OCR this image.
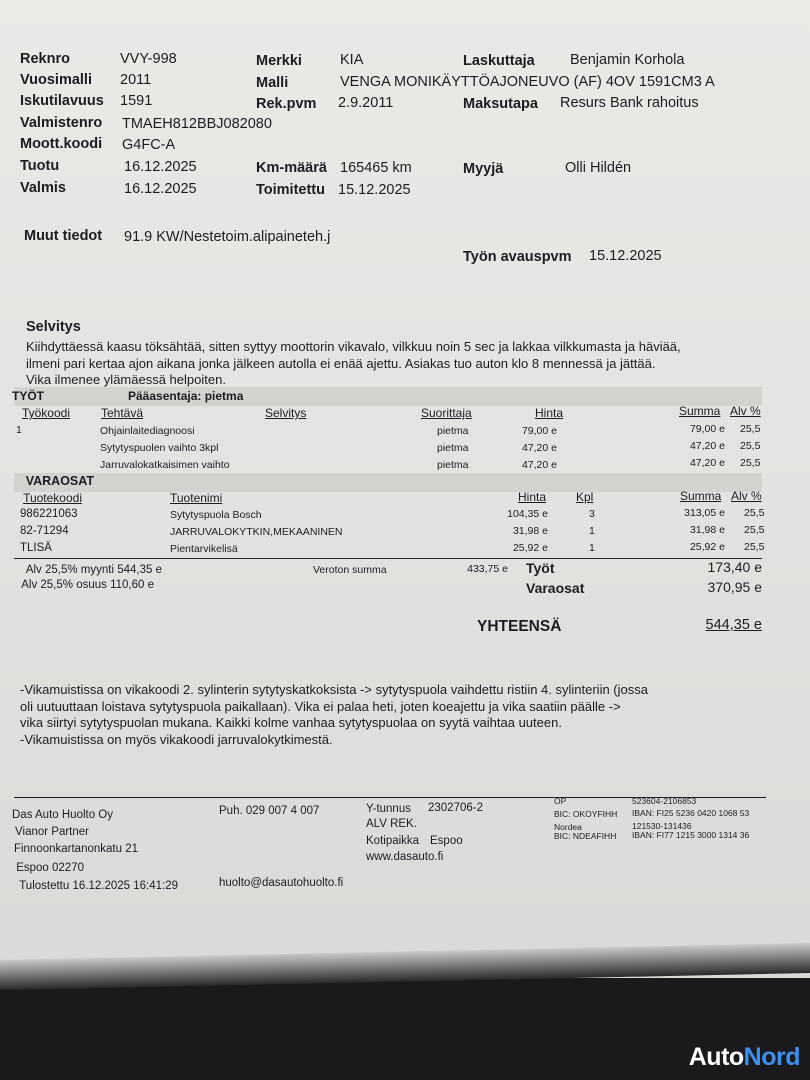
Reknro	VVY-998
Vuosimalli 2011
Iskutilavuus 1591
Valmistenro TMAEH812BBJ082080
Moott.koodi G4FC-A
Tuotu	16.12.2025
Valmis	16.12.2025
Merkki	KIA
Malli	VENGA MONIKÄYTTÖAJONEUVO (AF) 4OV 1591CM3 A
Rek.pvm 2.9.2011
Km-määrä 165465 km
Toimitettu 15.12.2025
Laskuttaja Benjamin Korhola
Maksutapa Resurs Bank rahoitus
Myyjä	Olli Hildén
Muut tiedot 91.9 KW/Nestetoim.alipaineteh.j
Työn avauspvm 15.12.2025
Selvitys
Kiihdyttäessä kaasu töksähtää, sitten syttyy moottorin vikavalo, vilkkuu noin 5 sec ja lakkaa vilkkumasta ja häviää,
ilmeni pari kertaa ajon aikana jonka jälkeen autolla ei enää ajettu. Asiakas tuo auton klo 8 mennessä ja jättää.
Vika ilmenee ylämäessä helpoiten.
TYÖT	Pääasentaja: pietma
Työkoodi	Tehtävä	Selvitys	Suorittaja	Hinta	Summa Alv %
1	Ohjainlaitediagnoosi	pietma	79,00 e	79,00 e 25,5
Sytytyspuolen vaihto 3kpl	pietma	47,20 e	47,20 e 25,5
Jarruvalokatkaisimen vaihto	pietma	47,20 e	47,20 e 25,5
VARAOSAT
Tuotekoodi	Tuotenimi	Hinta Kpl	Summa Alv %
986221063	Sytytyspuola Bosch	104,35 e	3	313,05 e 25,5
82-71294	JARRUVALOKYTKIN,MEKAANINEN	31,98 e	1	31,98 e 25,5
TLISÄ	Pientarvikelisä	25,92 e	1	25,92 e 25,5
Alv 25,5% myynti 544,35 e
Alv 25,5% osuus 110,60 e
Veroton summa	433,75 e Työt	173,40 e
Varaosat	370,95 e
YHTEENSÄ	544,35 e
-Vikamuistissa on vikakoodi 2. sylinterin sytytyskatkoksista -> sytytyspuola vaihdettu ristiin 4. sylinteriin (jossa
oli uutuuttaan loistava sytytyspuola paikallaan). Vika ei palaa heti, joten koeajettu ja vika saatiin päälle ->
vika siirtyi sytytyspuolan mukana. Kaikki kolme vanhaa sytytyspuolaa on syytä vaihtaa uuteen.
-Vikamuistissa on myös vikakoodi jarruvalokytkimestä.
Das Auto Huolto Oy
Vianor Partner
Finnoonkartanonkatu 21
02270 Espoo
Tulostettu 16.12.2025 16:41:29
Puh. 029 007 4 007
huolto@dasautohuolto.fi
Y-tunnus 2302706-2
ALV REK.
Kotipaikka Espoo
www.dasauto.fi
OP
BIC: OKOYFIHH
Nordea
BIC: NDEAFIHH
523604-2106853
IBAN: FI25 5236 0420 1068 53
121530-131436
IBAN: FI77 1215 3000 1314 36
AutoNord
